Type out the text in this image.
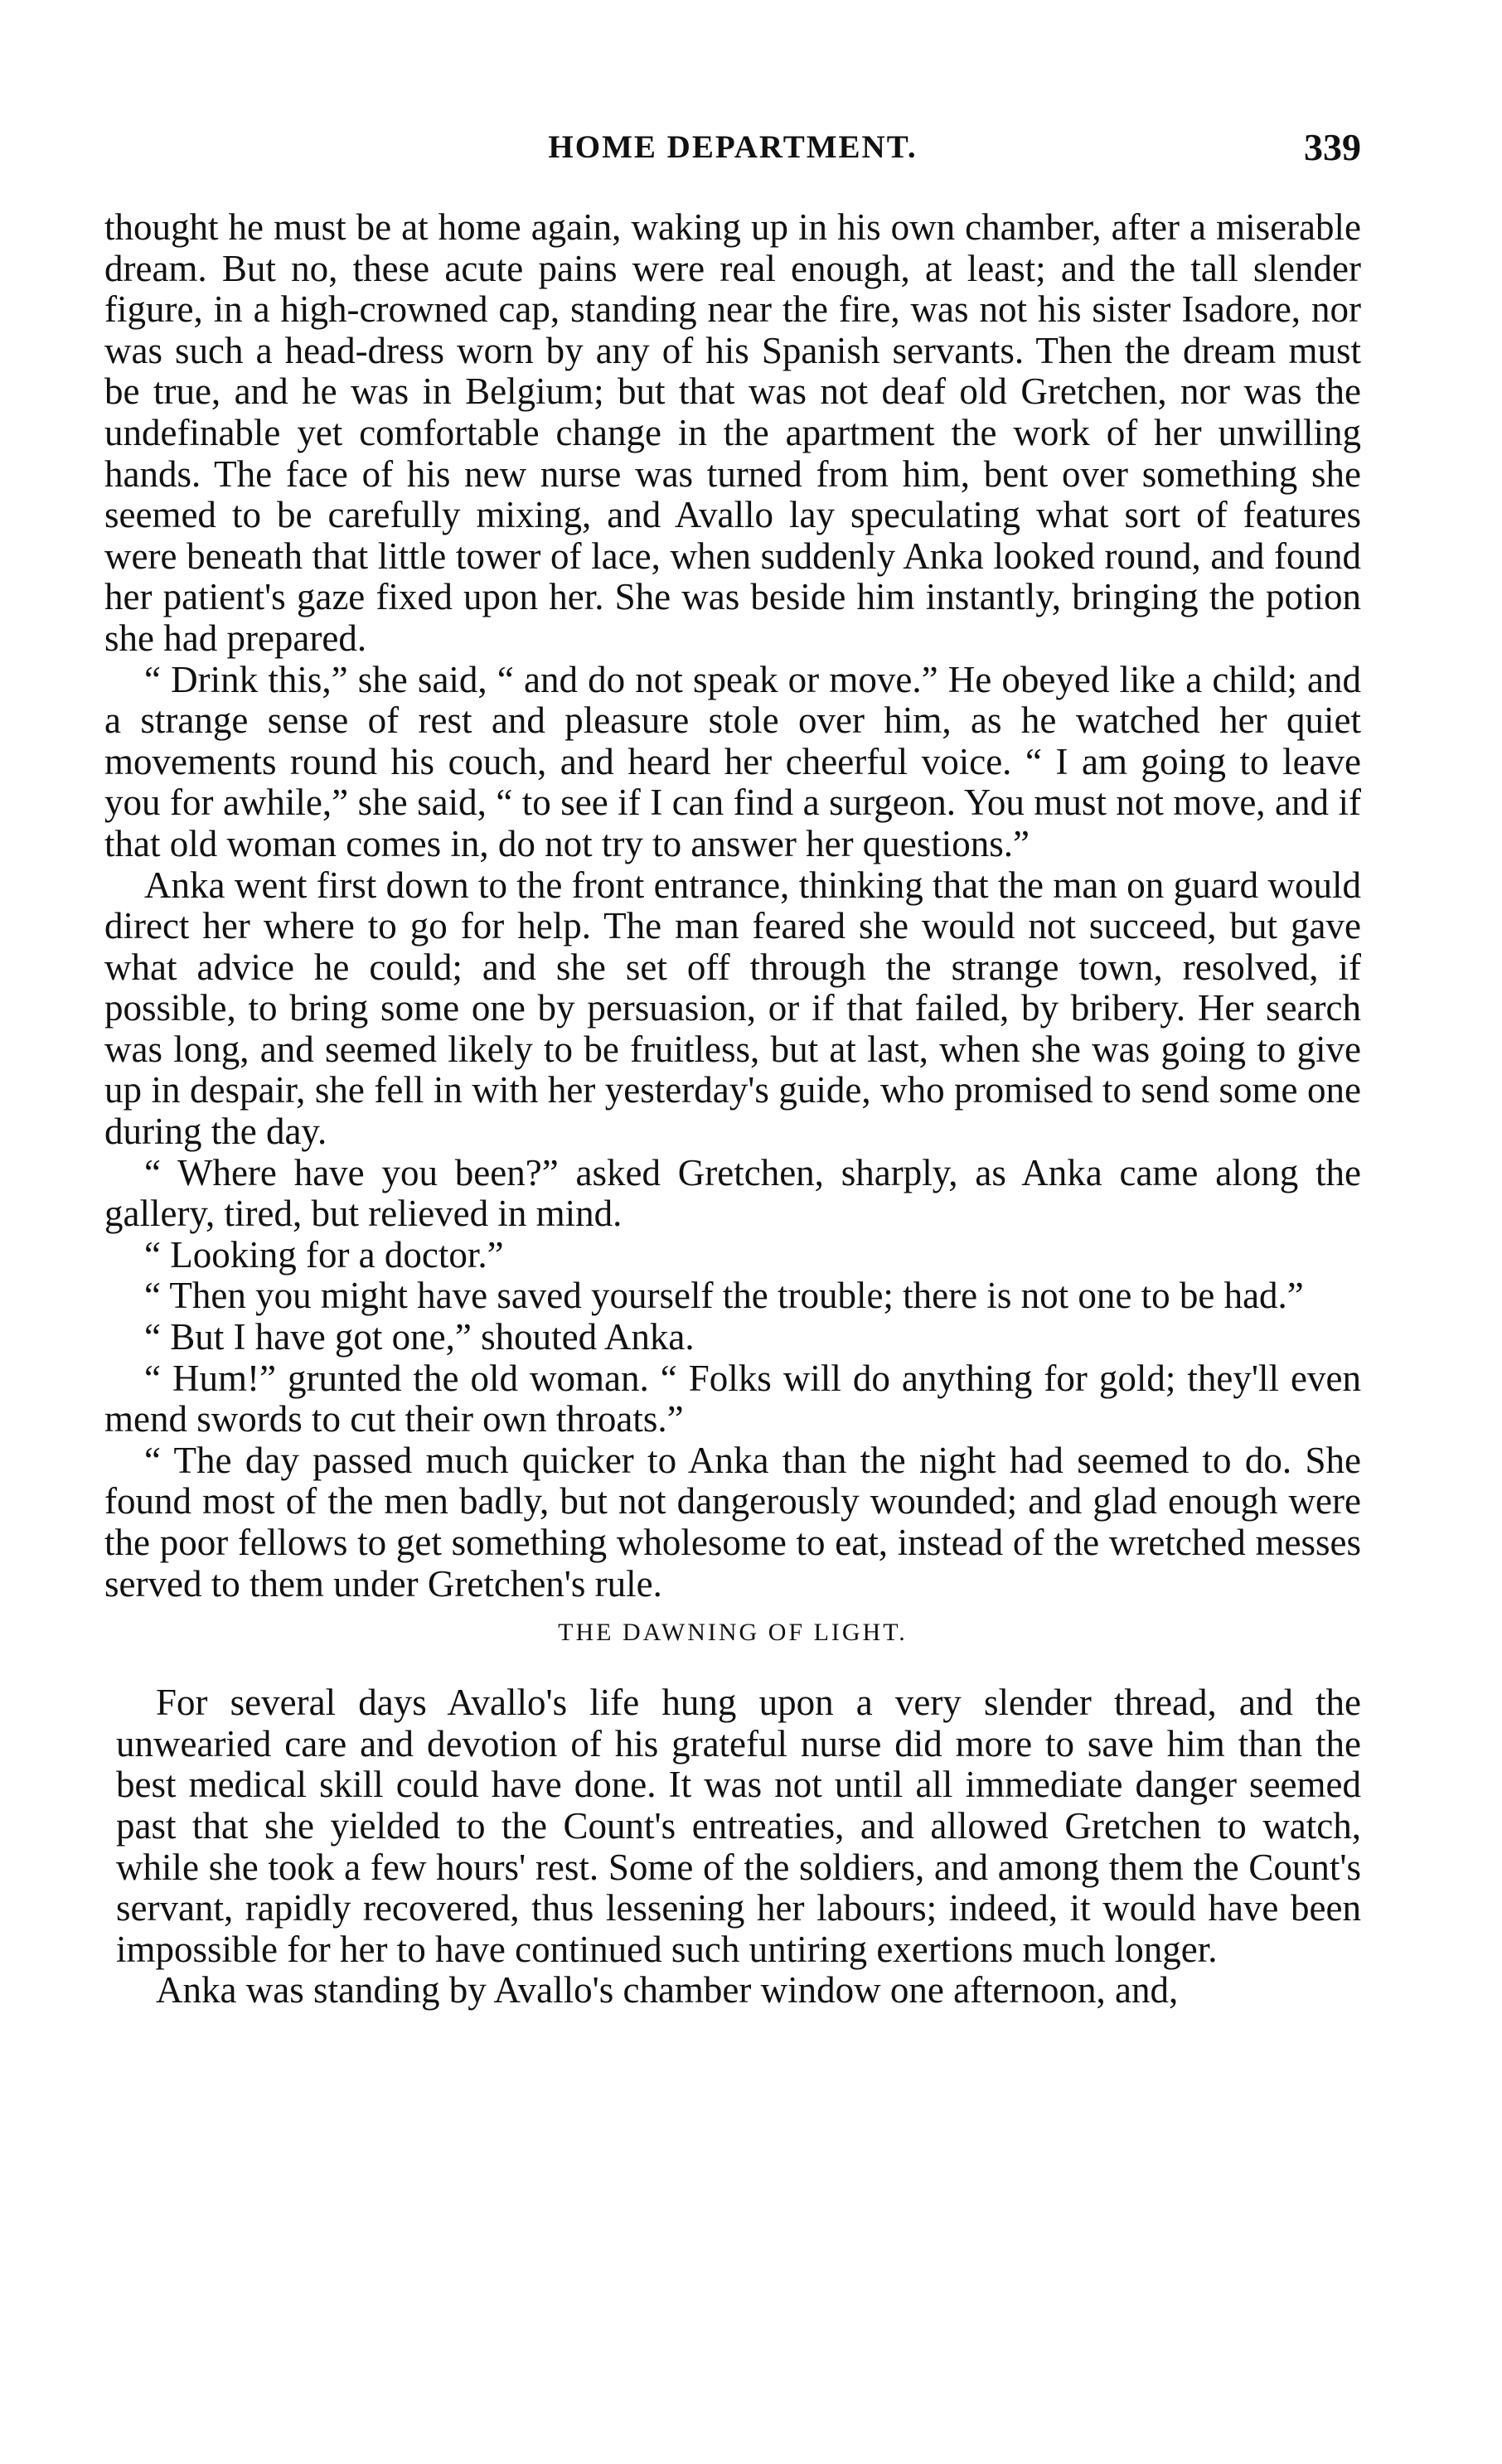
HOME DEPARTMENT.	339

thought he must be at home again, waking up in his own chamber, after a miserable dream. But no, these acute pains were real enough, at least; and the tall slender figure, in a high-crowned cap, standing near the fire, was not his sister Isadore, nor was such a head-dress worn by any of his Spanish servants. Then the dream must be true, and he was in Belgium; but that was not deaf old Gretchen, nor was the undefinable yet comfortable change in the apartment the work of her unwilling hands. The face of his new nurse was turned from him, bent over something she seemed to be carefully mixing, and Avallo lay speculating what sort of features were beneath that little tower of lace, when suddenly Anka looked round, and found her patient's gaze fixed upon her. She was beside him instantly, bringing the potion she had prepared.

“ Drink this,” she said, “ and do not speak or move.” He obeyed like a child; and a strange sense of rest and pleasure stole over him, as he watched her quiet movements round his couch, and heard her cheerful voice. “ I am going to leave you for awhile,” she said, “ to see if I can find a surgeon. You must not move, and if that old woman comes in, do not try to answer her questions.”

Anka went first down to the front entrance, thinking that the man on guard would direct her where to go for help. The man feared she would not succeed, but gave what advice he could; and she set off through the strange town, resolved, if possible, to bring some one by persuasion, or if that failed, by bribery. Her search was long, and seemed likely to be fruitless, but at last, when she was going to give up in despair, she fell in with her yesterday's guide, who promised to send some one during the day.

“ Where have you been?” asked Gretchen, sharply, as Anka came along the gallery, tired, but relieved in mind.

“ Looking for a doctor.”

“ Then you might have saved yourself the trouble; there is not one to be had.”

“ But I have got one,” shouted Anka.

“ Hum!” grunted the old woman. “ Folks will do anything for gold; they'll even mend swords to cut their own throats.”

“ The day passed much quicker to Anka than the night had seemed to do. She found most of the men badly, but not dangerously wounded; and glad enough were the poor fellows to get something wholesome to eat, instead of the wretched messes served to them under Gretchen's rule.

THE DAWNING OF LIGHT.

For several days Avallo's life hung upon a very slender thread, and the unwearied care and devotion of his grateful nurse did more to save him than the best medical skill could have done. It was not until all immediate danger seemed past that she yielded to the Count's entreaties, and allowed Gretchen to watch, while she took a few hours' rest. Some of the soldiers, and among them the Count's servant, rapidly recovered, thus lessening her labours; indeed, it would have been impossible for her to have continued such untiring exertions much longer.

Anka was standing by Avallo's chamber window one afternoon, and,
